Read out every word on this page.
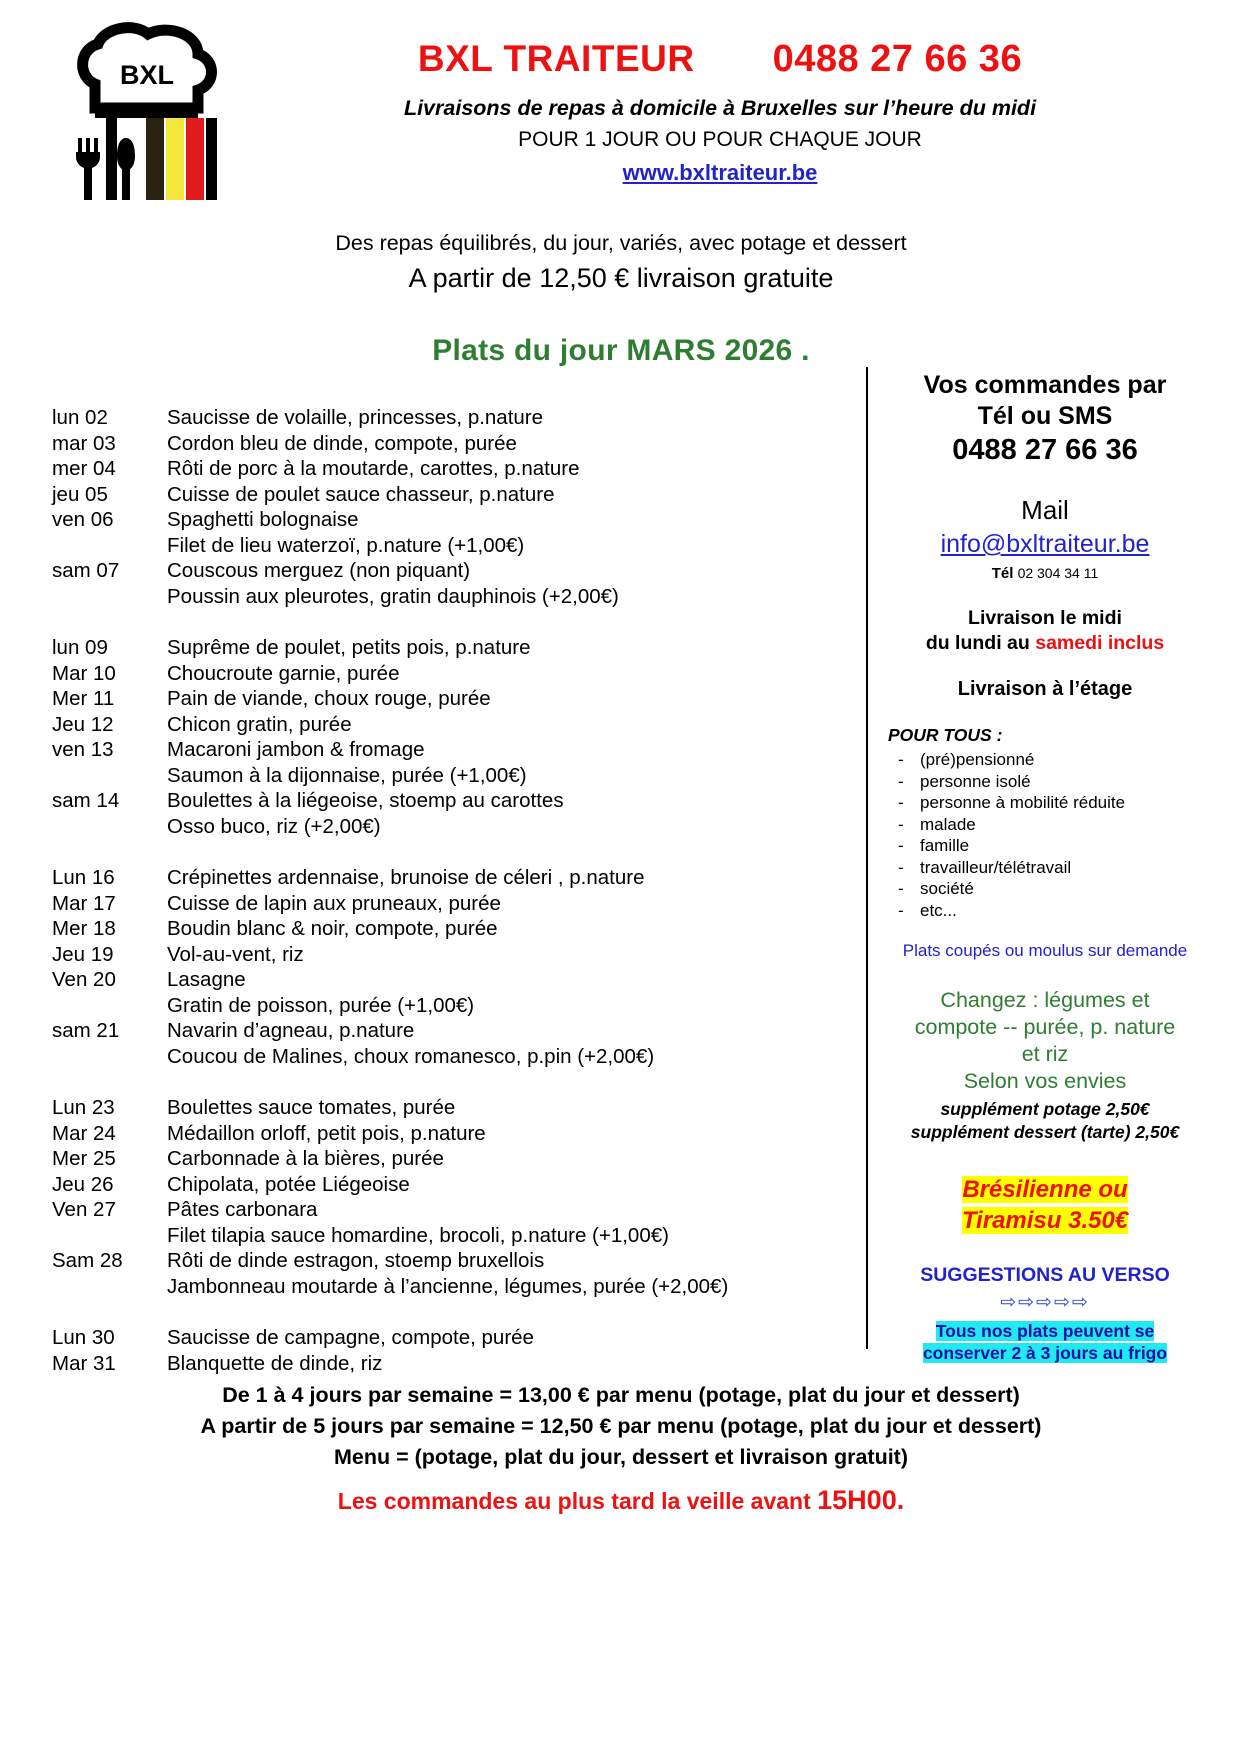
BXL	BXL TRAITEUR 0488 27 66 36
Livraisons de repas à domicile à Bruxelles sur l’heure du midi
POUR 1 JOUR OU POUR CHAQUE JOUR
www.bxltraiteur.be
Des repas équilibrés, du jour, variés, avec potage et dessert
A partir de 12,50 € livraison gratuite
Plats du jour MARS 2026 .
lun 02	Saucisse de volaille, princesses, p.nature
mar 03	Cordon bleu de dinde, compote, purée
mer 04	Rôti de porc à la moutarde, carottes, p.nature
jeu 05	Cuisse de poulet sauce chasseur, p.nature
ven 06	Spaghetti bolognaise
Filet de lieu waterzoï, p.nature (+1,00€)
sam 07	Couscous merguez (non piquant)
Poussin aux pleurotes, gratin dauphinois (+2,00€)
lun 09	Suprême de poulet, petits pois, p.nature
Mar 10	Choucroute garnie, purée
Mer 11	Pain de viande, choux rouge, purée
Jeu 12	Chicon gratin, purée
ven 13	Macaroni jambon & fromage
Saumon à la dijonnaise, purée (+1,00€)
sam 14	Boulettes à la liégeoise, stoemp au carottes
Osso buco, riz (+2,00€)
Lun 16	Crépinettes ardennaise, brunoise de céleri , p.nature
Mar 17	Cuisse de lapin aux pruneaux, purée
Mer 18	Boudin blanc & noir, compote, purée
Jeu 19	Vol-au-vent, riz
Ven 20	Lasagne
Gratin de poisson, purée (+1,00€)
sam 21	Navarin d’agneau, p.nature
Coucou de Malines, choux romanesco, p.pin (+2,00€)
Lun 23	Boulettes sauce tomates, purée
Mar 24	Médaillon orloff, petit pois, p.nature
Mer 25	Carbonnade à la bières, purée
Jeu 26	Chipolata, potée Liégeoise
Ven 27	Pâtes carbonara
Filet tilapia sauce homardine, brocoli, p.nature (+1,00€)
Sam 28	Rôti de dinde estragon, stoemp bruxellois
Jambonneau moutarde à l’ancienne, légumes, purée (+2,00€)
Lun 30	Saucisse de campagne, compote, purée
Mar 31	Blanquette de dinde, riz
Vos commandes par
Tél ou SMS
0488 27 66 36
Mail
info@bxltraiteur.be
Tél 02 304 34 11
Livraison le midi
du lundi au samedi inclus
Livraison à l’étage
POUR TOUS :
- (pré)pensionné
- personne isolé
- personne à mobilité réduite
- malade
- famille
- travailleur/télétravail
- société
- etc...
Plats coupés ou moulus sur demande
Changez : légumes et
compote -- purée, p. nature
et riz
Selon vos envies
supplément potage 2,50€
supplément dessert (tarte) 2,50€
Brésilienne ou
Tiramisu 3.50€
SUGGESTIONS AU VERSO
⇨⇨⇨⇨⇨
Tous nos plats peuvent se
conserver 2 à 3 jours au frigo
De 1 à 4 jours par semaine = 13,00 € par menu (potage, plat du jour et dessert)
A partir de 5 jours par semaine = 12,50 € par menu (potage, plat du jour et dessert)
Menu = (potage, plat du jour, dessert et livraison gratuit)
Les commandes au plus tard la veille avant 15H00.
